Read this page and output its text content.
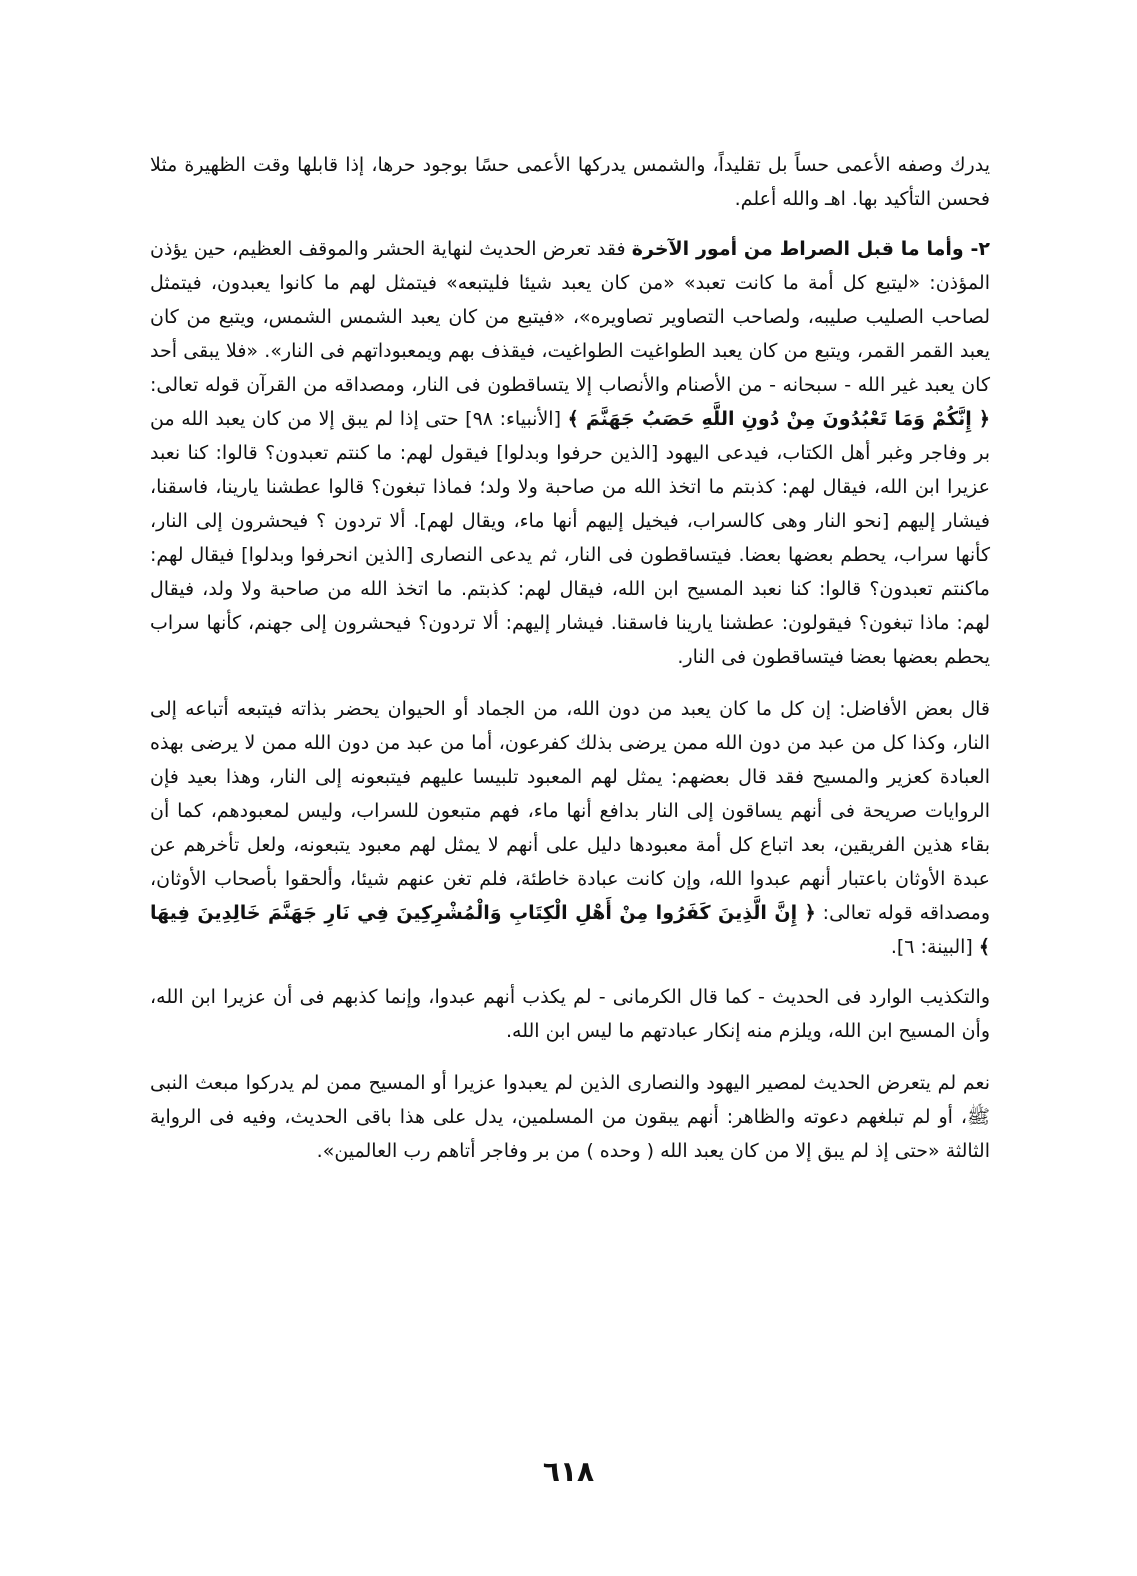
يدرك وصفه الأعمى حساً بل تقليداً، والشمس يدركها الأعمى حسًا بوجود حرها، إذا قابلها وقت الظهيرة مثلا فحسن التأكيد بها. اهـ والله أعلم.

٢- وأما ما قبل الصراط من أمور الآخرة فقد تعرض الحديث لنهاية الحشر والموقف العظيم، حين يؤذن المؤذن: «ليتبع كل أمة ما كانت تعبد» «من كان يعبد شيئا فليتبعه» فيتمثل لهم ما كانوا يعبدون، فيتمثل لصاحب الصليب صليبه، ولصاحب التصاوير تصاويره»، «فيتبع من كان يعبد الشمس الشمس، ويتبع من كان يعبد القمر القمر، ويتبع من كان يعبد الطواغيت الطواغيت، فيقذف بهم ويمعبوداتهم فى النار». «فلا يبقى أحد كان يعبد غير الله - سبحانه - من الأصنام والأنصاب إلا يتساقطون فى النار، ومصداقه من القرآن قوله تعالى: ﴿ إِنَّكُمْ وَمَا تَعْبُدُونَ مِنْ دُونِ اللَّهِ حَصَبُ جَهَنَّمَ ﴾ [الأنبياء: ٩٨] حتى إذا لم يبق إلا من كان يعبد الله من بر وفاجر وغبر أهل الكتاب، فيدعى اليهود [الذين حرفوا وبدلوا] فيقول لهم: ما كنتم تعبدون؟ قالوا: كنا نعبد عزيرا ابن الله، فيقال لهم: كذبتم ما اتخذ الله من صاحبة ولا ولد؛ فماذا تبغون؟ قالوا عطشنا يارينا، فاسقنا، فيشار إليهم [نحو النار وهى كالسراب، فيخيل إليهم أنها ماء، ويقال لهم]. ألا تردون ؟ فيحشرون إلى النار، كأنها سراب، يحطم بعضها بعضا. فيتساقطون فى النار، ثم يدعى النصارى [الذين انحرفوا وبدلوا] فيقال لهم: ماكنتم تعبدون؟ قالوا: كنا نعبد المسيح ابن الله، فيقال لهم: كذبتم. ما اتخذ الله من صاحبة ولا ولد، فيقال لهم: ماذا تبغون؟ فيقولون: عطشنا يارينا فاسقنا. فيشار إليهم: ألا تردون؟ فيحشرون إلى جهنم، كأنها سراب يحطم بعضها بعضا فيتساقطون فى النار.

قال بعض الأفاضل: إن كل ما كان يعبد من دون الله، من الجماد أو الحيوان يحضر بذاته فيتبعه أتباعه إلى النار، وكذا كل من عبد من دون الله ممن يرضى بذلك كفرعون، أما من عبد من دون الله ممن لا يرضى بهذه العبادة كعزير والمسيح فقد قال بعضهم: يمثل لهم المعبود تلبيسا عليهم فيتبعونه إلى النار، وهذا بعيد فإن الروايات صريحة فى أنهم يساقون إلى النار بدافع أنها ماء، فهم متبعون للسراب، وليس لمعبودهم، كما أن بقاء هذين الفريقين، بعد اتباع كل أمة معبودها دليل على أنهم لا يمثل لهم معبود يتبعونه، ولعل تأخرهم عن عبدة الأوثان باعتبار أنهم عبدوا الله، وإن كانت عبادة خاطئة، فلم تغن عنهم شيئا، وألحقوا بأصحاب الأوثان، ومصداقه قوله تعالى: ﴿ إِنَّ الَّذِينَ كَفَرُوا مِنْ أَهْلِ الْكِتَابِ وَالْمُشْرِكِينَ فِي نَارِ جَهَنَّمَ خَالِدِينَ فِيهَا ﴾ [البينة: ٦].

والتكذيب الوارد فى الحديث - كما قال الكرمانى - لم يكذب أنهم عبدوا، وإنما كذبهم فى أن عزيرا ابن الله، وأن المسيح ابن الله، ويلزم منه إنكار عبادتهم ما ليس ابن الله.

نعم لم يتعرض الحديث لمصير اليهود والنصارى الذين لم يعبدوا عزيرا أو المسيح ممن لم يدركوا مبعث النبى ﷺ، أو لم تبلغهم دعوته والظاهر: أنهم يبقون من المسلمين، يدل على هذا باقى الحديث، وفيه فى الرواية الثالثة «حتى إذ لم يبق إلا من كان يعبد الله ( وحده ) من بر وفاجر أتاهم رب العالمين».

٦١٨
